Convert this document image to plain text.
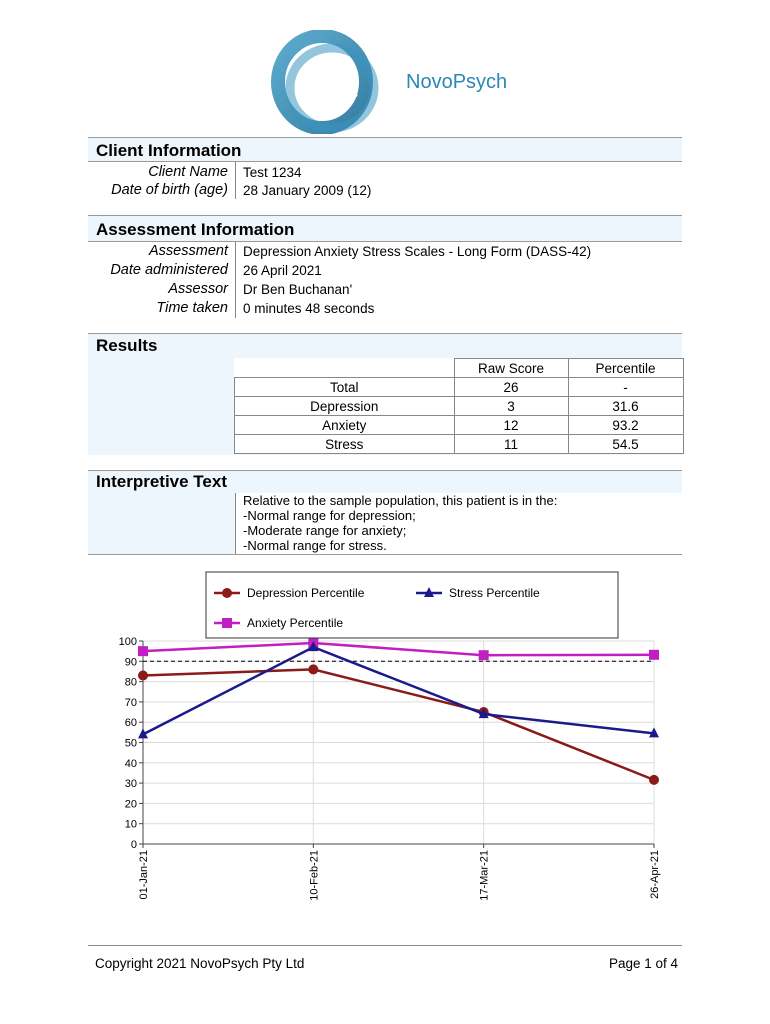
NovoPsych
Client Information
Client Name Test 1234
Date of birth (age) 28 January 2009 (12)
Assessment Information
Assessment Depression Anxiety Stress Scales - Long Form (DASS-42)
Date administered 26 April 2021
Assessor Dr Ben Buchanan'
Time taken 0 minutes 48 seconds
Results
	Raw Score	Percentile
Total	26	-
Depression	3	31.6
Anxiety	12	93.2
Stress	11	54.5
Interpretive Text
Relative to the sample population, this patient is in the:
-Normal range for depression;
-Moderate range for anxiety;
-Normal range for stress.
0
10
20
30
40
50
60
70
80
90
100
01-Jan-21	10-Feb-21	17-Mar-21	26-Apr-21
Depression Percentile	Stress Percentile
Anxiety Percentile
Copyright 2021 NovoPsych Pty Ltd	Page 1 of 4
